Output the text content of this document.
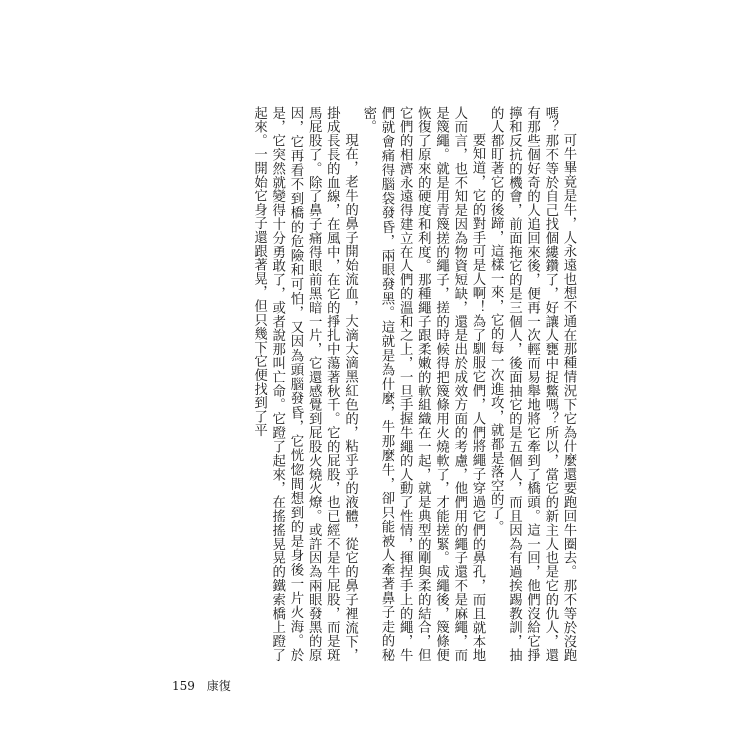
可牛畢竟是牛，人永遠也想不通在那種情況下它為什麼還要跑回牛圈去。那不等於沒跑嗎？那不等於自己找個縷鑽了，好讓人甕中捉鱉嗎？所以，當它的新主人也是它的仇人，還有那些個好奇的人追回來後，便再一次輕而易舉地將它牽到了橋頭。這一回，他們沒給它掙擰和反抗的機會，前面拖它的是三個人，後面抽它的是五個人，而且因為有過挨踢教訓，抽的人都盯著它的後蹄，這樣一來，它的每一次進攻，就都是落空的了。

要知道，它的對手可是人啊！為了馴服它們，人們將繩子穿過它們的鼻孔，而且就本地人而言，也不知是因為物資短缺，還是出於成效方面的考慮，他們用的繩子還不是麻繩，而是篾繩。就是用青篾搓的繩子，搓的時候得把篾條用火燒軟了，才能搓緊。成繩後，篾條便恢復了原來的硬度和利度。那種繩子跟柔嫩的軟組織在一起，就是典型的剛與柔的結合，但它們的相濟永遠得建立在人們的溫和之上，一旦手握牛繩的人動了性情，揮捏手上的繩，牛們就會痛得腦袋發昏，兩眼發黑。這就是為什麼，牛那麼牛，卻只能被人牽著鼻子走的秘密。

現在，老牛的鼻子開始流血，大滴大滴黑紅色的，粘乎乎的液體，從它的鼻子裡流下，掛成長長的血線，在風中，在它的掙扎中蕩著秋千。它的屁股，也已經不是牛屁股，而是斑馬屁股了。除了鼻子痛得眼前黑暗一片，它還感覺到屁股火燒火燎。或許因為兩眼發黑的原因，它再看不到橋的危險和可怕，又因為頭腦發昏，它恍惚間想到的是身後一片火海。於是，它突然就變得十分勇敢了，或者說那叫亡命。它蹬了起來，在搖搖晃晃的鐵索橋上蹬了起來。一開始它身子還跟著晃，但只幾下它便找到了平

159 康復
